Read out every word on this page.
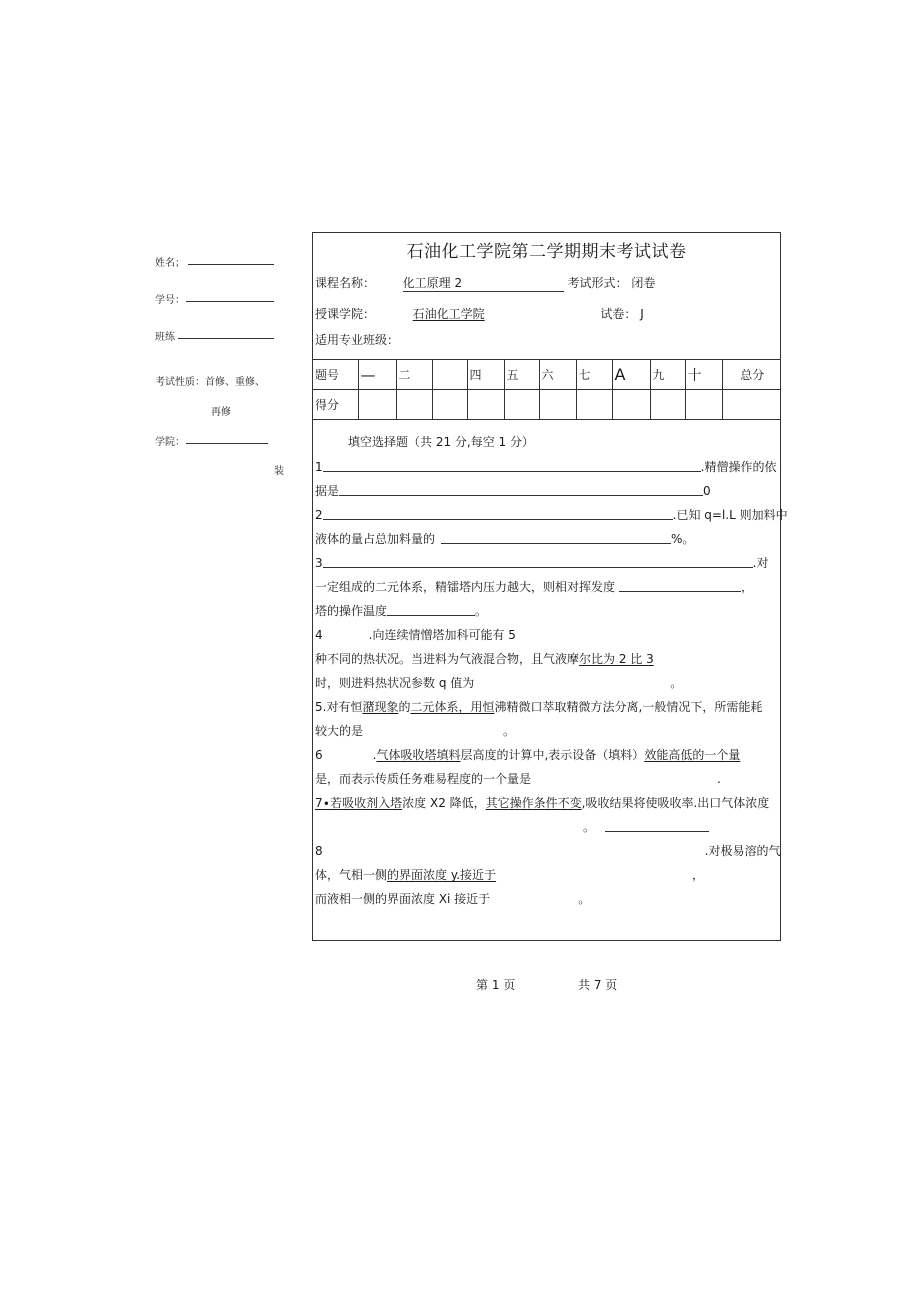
姓名；
学号：
班练
考试性质：首修、重修、
再修
学院：
装
石油化工学院第二学期期末考试试卷
课程名称： 化工原理 2	考试形式： 闭卷
授课学院：	石油化工学院	试卷： J
适用专业班级：
题号	—	二		四	五	六	七	A	九	十	总分
得分											
填空选择题（共 21 分,每空 1 分）
1	.精僧操作的依
据是	0
2	.已知 q=l.L 则加料中
液体的量占总加料量的	%。
3	.对
一定组成的二元体系，精镭塔内压力越大，则相对挥发度	，
塔的操作温度	。
4	.向连续情憎塔加科可能有 5
种不同的热状况。当进料为气液混合物，且气液摩尔比为 2 比 3
时，则进料热状况参数 q 值为	。
5.对有恒潴现象的二元体系，用恒沸精微口萃取精微方法分离,一般情况下，所需能耗
较大的是	。
6	.气体吸收塔填料层高度的计算中,表示设备（填料）效能高低的一个量
是，而表示传质任务难易程度的一个量是	.
7∙若吸收剂入塔浓度 X2 降低，其它操作条件不变,吸收结果将使吸收率.出口气体浓度
。
8	.对极易溶的气
体，气相一侧的界面浓度 y.接近于	，
而液相一侧的界面浓度 Xi 接近于	。
第 1 页	共 7 页
